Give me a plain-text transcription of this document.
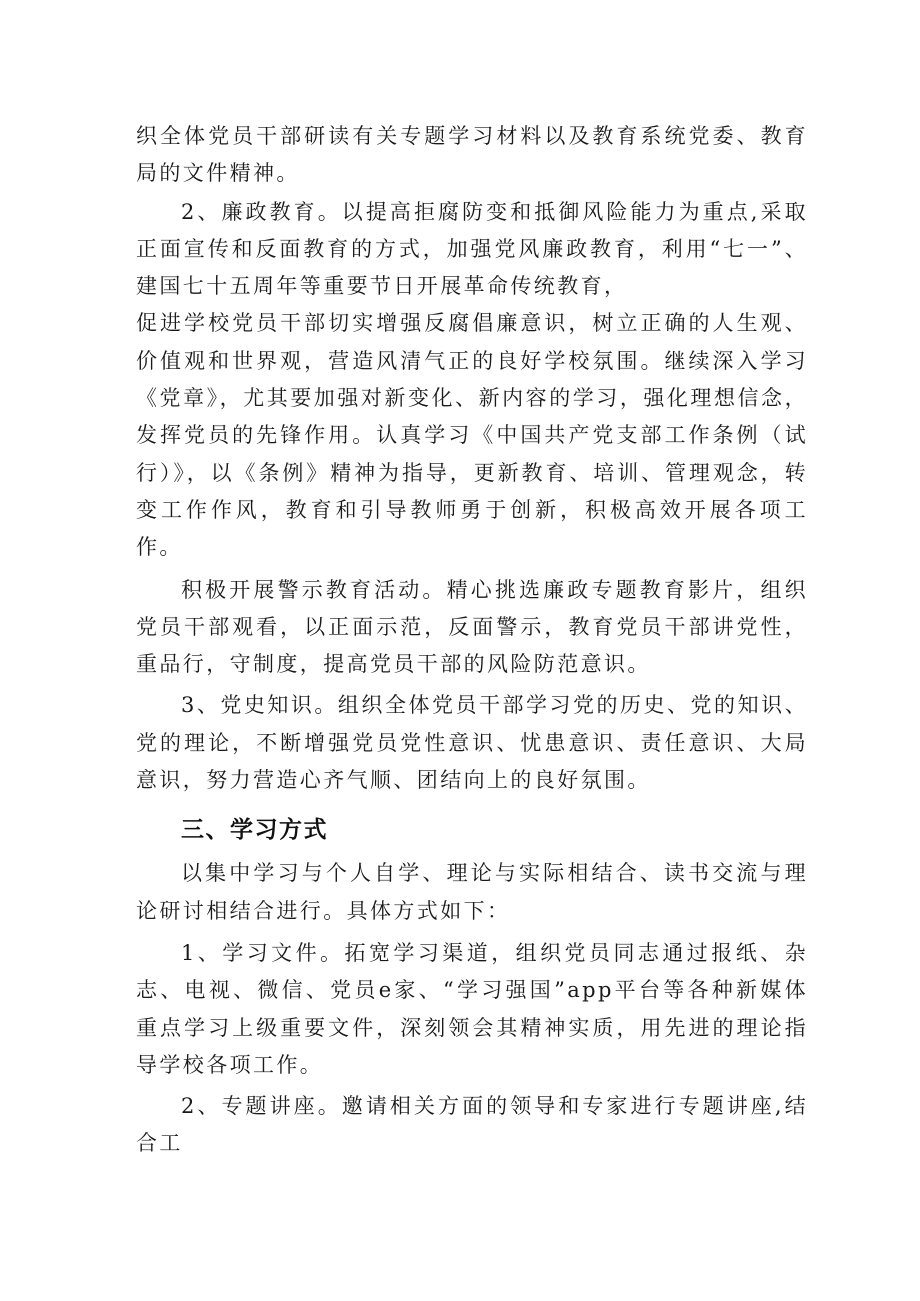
织全体党员干部研读有关专题学习材料以及教育系统党委、教育局的文件精神。

2、廉政教育。以提高拒腐防变和抵御风险能力为重点,采取正面宣传和反面教育的方式，加强党风廉政教育，利用“七一”、建国七十五周年等重要节日开展革命传统教育，

促进学校党员干部切实增强反腐倡廉意识，树立正确的人生观、价值观和世界观，营造风清气正的良好学校氛围。继续深入学习《党章》，尤其要加强对新变化、新内容的学习，强化理想信念，发挥党员的先锋作用。认真学习《中国共产党支部工作条例（试行）》，以《条例》精神为指导，更新教育、培训、管理观念，转变工作作风，教育和引导教师勇于创新，积极高效开展各项工作。

积极开展警示教育活动。精心挑选廉政专题教育影片，组织党员干部观看，以正面示范，反面警示，教育党员干部讲党性，重品行，守制度，提高党员干部的风险防范意识。

3、党史知识。组织全体党员干部学习党的历史、党的知识、党的理论，不断增强党员党性意识、忧患意识、责任意识、大局意识，努力营造心齐气顺、团结向上的良好氛围。

三、学习方式

以集中学习与个人自学、理论与实际相结合、读书交流与理论研讨相结合进行。具体方式如下：

1、学习文件。拓宽学习渠道，组织党员同志通过报纸、杂志、电视、微信、党员e家、“学习强国”app平台等各种新媒体重点学习上级重要文件，深刻领会其精神实质，用先进的理论指导学校各项工作。

2、专题讲座。邀请相关方面的领导和专家进行专题讲座,结合工
